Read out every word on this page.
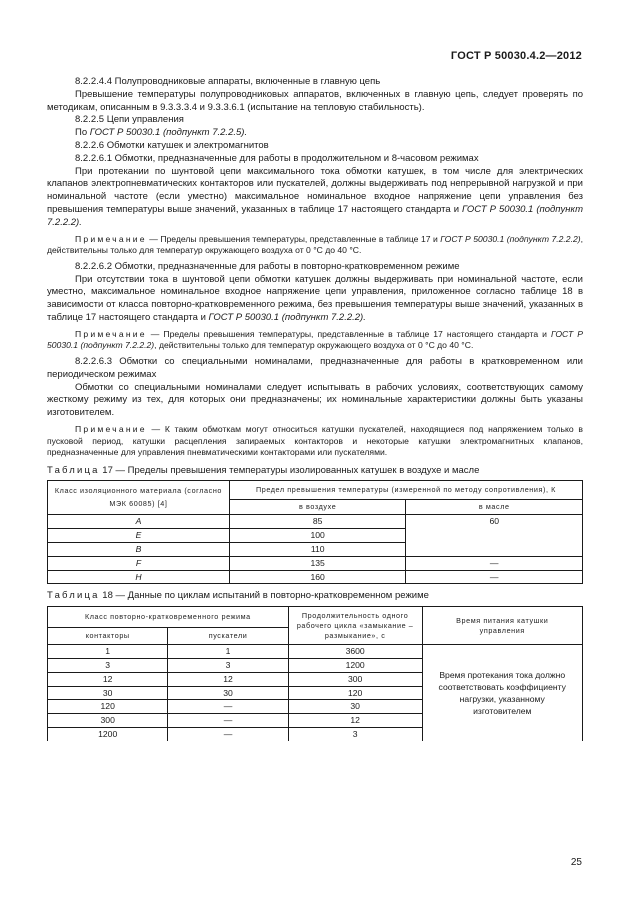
ГОСТ Р 50030.4.2—2012

8.2.2.4.4 Полупроводниковые аппараты, включенные в главную цепь

Превышение температуры полупроводниковых аппаратов, включенных в главную цепь, следует проверять по методикам, описанным в 9.3.3.3.4 и 9.3.3.6.1 (испытание на тепловую стабильность).

8.2.2.5 Цепи управления

По ГОСТ Р 50030.1 (подпункт 7.2.2.5).

8.2.2.6 Обмотки катушек и электромагнитов

8.2.2.6.1 Обмотки, предназначенные для работы в продолжительном и 8-часовом режимах

При протекании по шунтовой цепи максимального тока обмотки катушек, в том числе для электрических клапанов электропневматических контакторов или пускателей, должны выдерживать под непрерывной нагрузкой и при номинальной частоте (если уместно) максимальное номинальное входное напряжение цепи управления без превышения температуры выше значений, указанных в таблице 17 настоящего стандарта и ГОСТ Р 50030.1 (подпункт 7.2.2.2).

Примечание — Пределы превышения температуры, представленные в таблице 17 и ГОСТ Р 50030.1 (подпункт 7.2.2.2), действительны только для температур окружающего воздуха от 0 °С до 40 °С.

8.2.2.6.2 Обмотки, предназначенные для работы в повторно-кратковременном режиме

При отсутствии тока в шунтовой цепи обмотки катушек должны выдерживать при номинальной частоте, если уместно, максимальное номинальное входное напряжение цепи управления, приложенное согласно таблице 18 в зависимости от класса повторно-кратковременного режима, без превышения температуры выше значений, указанных в таблице 17 настоящего стандарта и ГОСТ Р 50030.1 (подпункт 7.2.2.2).

Примечание — Пределы превышения температуры, представленные в таблице 17 настоящего стандарта и ГОСТ Р 50030.1 (подпункт 7.2.2.2), действительны только для температур окружающего воздуха от 0 °С до 40 °С.

8.2.2.6.3 Обмотки со специальными номиналами, предназначенные для работы в кратковременном или периодическом режимах

Обмотки со специальными номиналами следует испытывать в рабочих условиях, соответствующих самому жесткому режиму из тех, для которых они предназначены; их номинальные характеристики должны быть указаны изготовителем.

Примечание — К таким обмоткам могут относиться катушки пускателей, находящиеся под напряжением только в пусковой период, катушки расцепления запираемых контакторов и некоторые катушки электромагнитных клапанов, предназначенные для управления пневматическими контакторами или пускателями.

Таблица 17 — Пределы превышения температуры изолированных катушек в воздухе и масле

Класс изоляционного материала (согласно МЭК 60085) [4]	Предел превышения температуры (измеренной по методу сопротивления), К	
	в воздухе	в масле
A	85	60
E	100	
B	110	
F	135	—
H	160	—

Таблица 18 — Данные по циклам испытаний в повторно-кратковременном режиме

Класс повторно-кратковременного режима		Продолжительность одного рабочего цикла «замыкание – размыкание», с	Время питания катушки управления
контакторы	пускатели		
1	1	3600	Время протекания тока должно соответствовать коэффициенту нагрузки, указанному изготовителем
3	3	1200	
12	12	300	
30	30	120	
120	—	30	
300	—	12	
1200	—	3	
25
